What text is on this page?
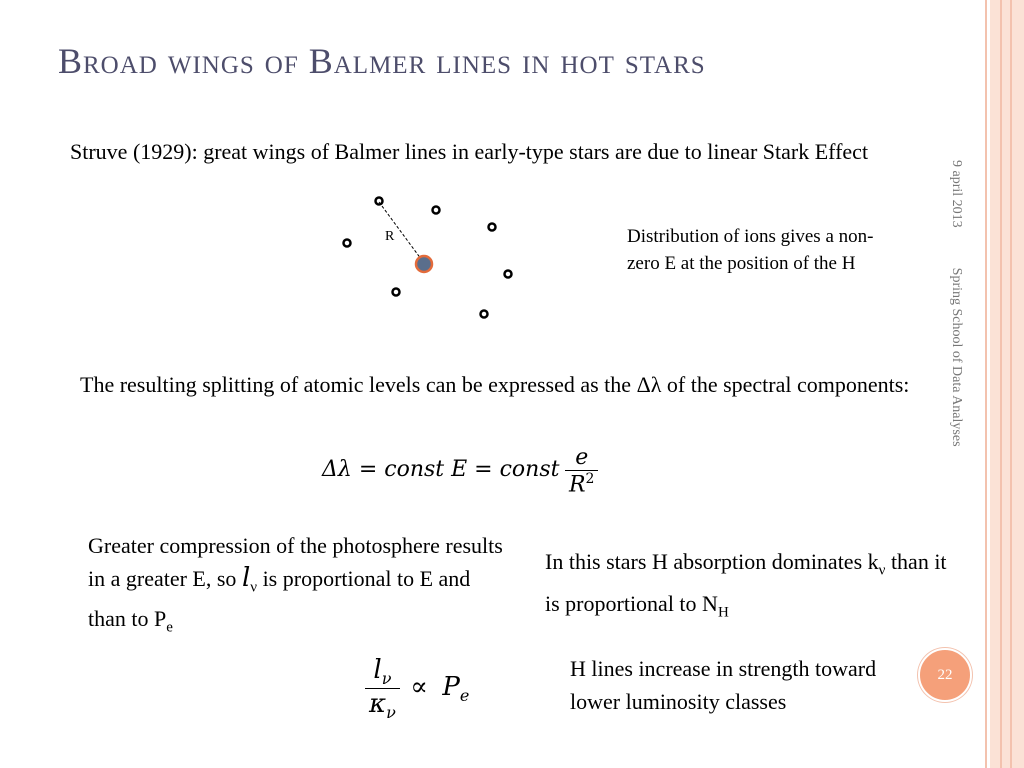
Broad wings of Balmer lines in hot stars
Struve (1929): great wings of Balmer lines in early-type stars are due to linear Stark Effect
R	Distribution of ions gives a non-zero E at the position of the H
The resulting splitting of atomic levels can be expressed as the Δλ of the spectral components:
Δλ = const E = const $\frac{e}{R^2}$
Greater compression of the photosphere results in a greater E, so $l_\nu$ is proportional to E and than to $P_e$
In this stars H absorption dominates $k_\nu$ than it is proportional to $N_H$
$\frac{l_\nu}{\kappa_\nu} \propto P_e$
H lines increase in strength toward lower luminosity classes
9 april 2013Spring School of Data Analyses
22
